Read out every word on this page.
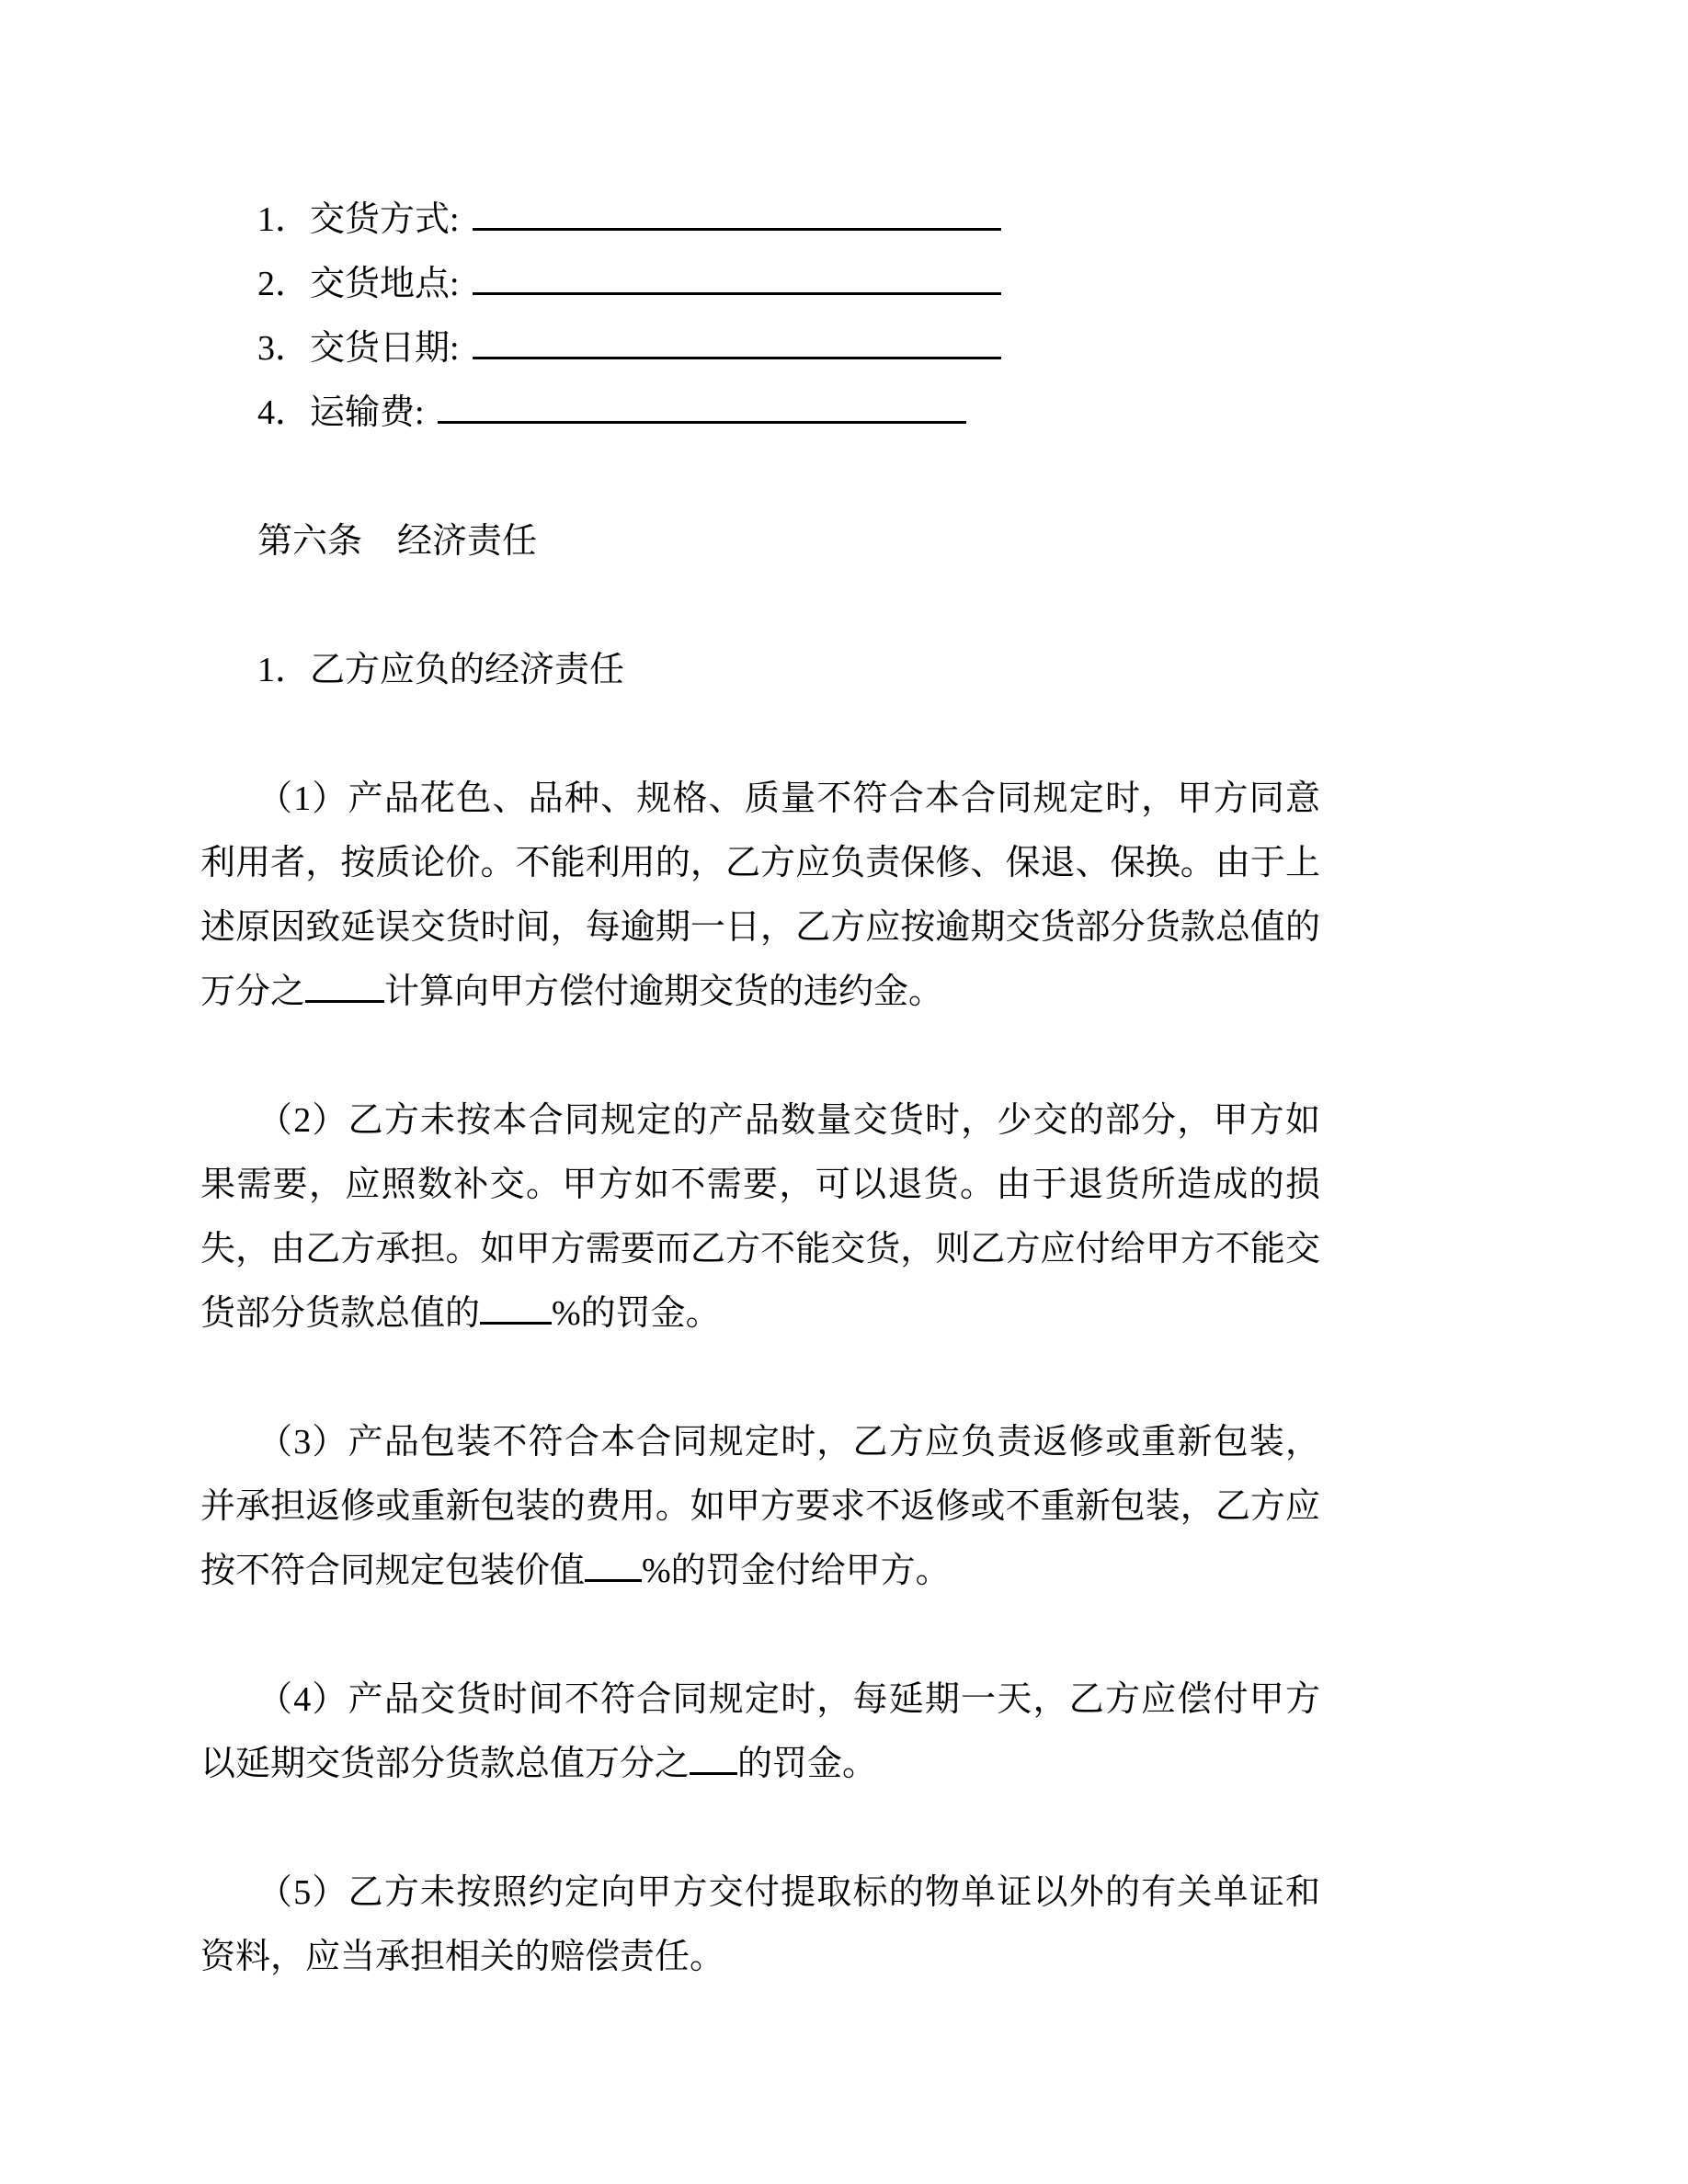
1．交货方式:
2．交货地点:
3．交货日期:
4．运输费:
第六条　经济责任
1．乙方应负的经济责任

（1）产品花色、品种、规格、质量不符合本合同规定时，甲方同意利用者，按质论价。不能利用的，乙方应负责保修、保退、保换。由于上述原因致延误交货时间，每逾期一日，乙方应按逾期交货部分货款总值的万分之 计算向甲方偿付逾期交货的违约金。

（2）乙方未按本合同规定的产品数量交货时，少交的部分，甲方如果需要，应照数补交。甲方如不需要，可以退货。由于退货所造成的损失，由乙方承担。如甲方需要而乙方不能交货，则乙方应付给甲方不能交货部分货款总值的 %的罚金。

（3）产品包装不符合本合同规定时，乙方应负责返修或重新包装，并承担返修或重新包装的费用。如甲方要求不返修或不重新包装，乙方应按不符合同规定包装价值 %的罚金付给甲方。

（4）产品交货时间不符合同规定时，每延期一天，乙方应偿付甲方以延期交货部分货款总值万分之 的罚金。

（5）乙方未按照约定向甲方交付提取标的物单证以外的有关单证和资料，应当承担相关的赔偿责任。
